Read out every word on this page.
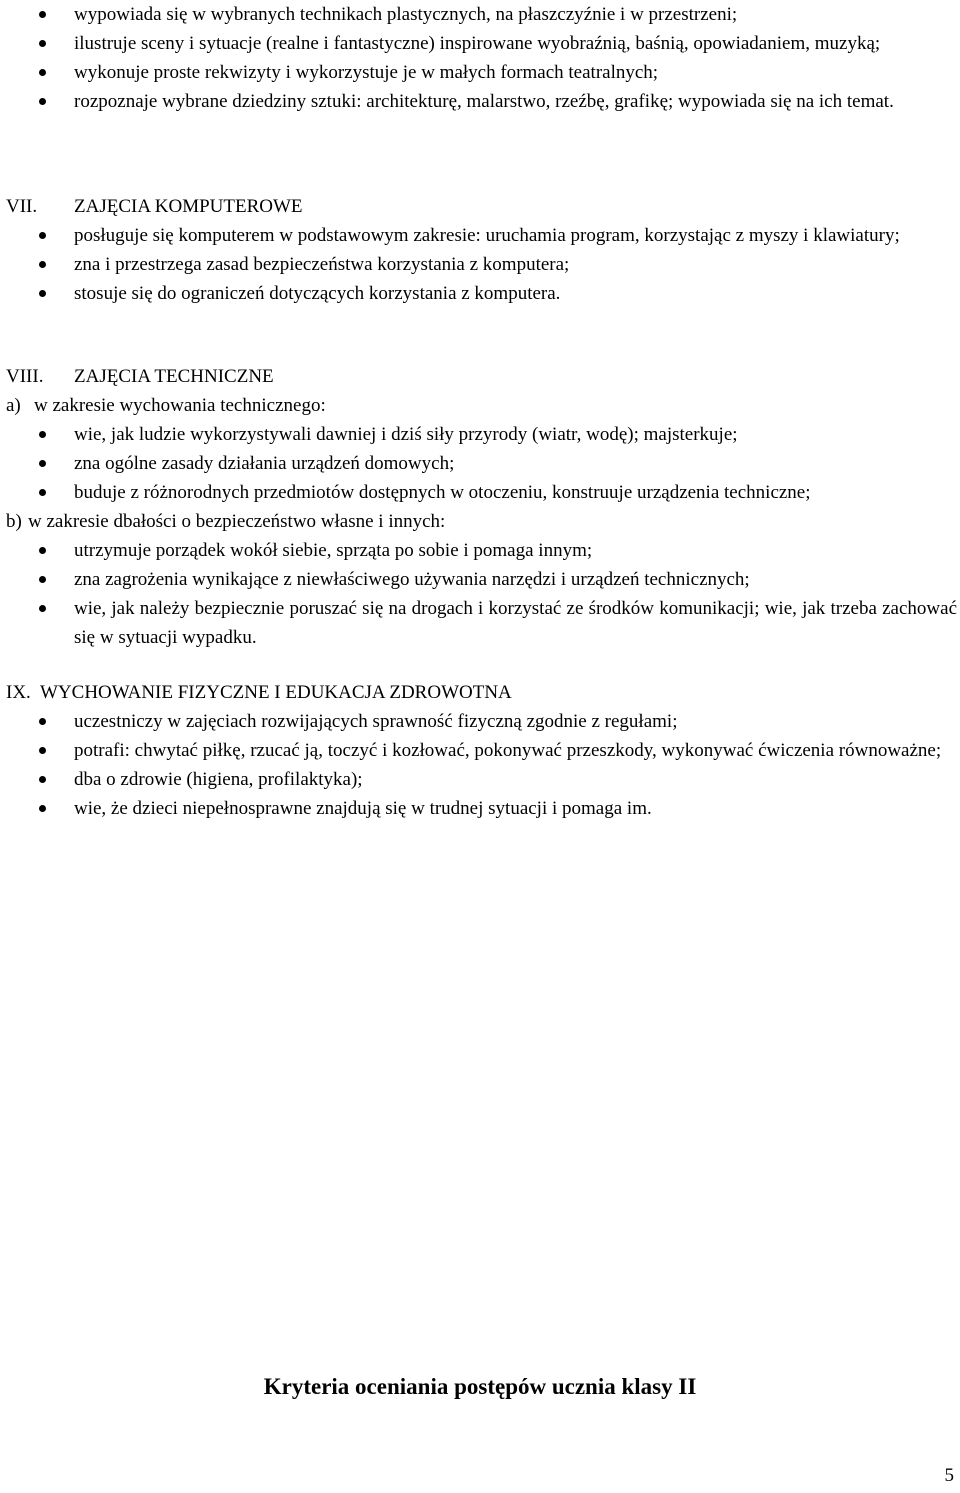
wypowiada się w wybranych technikach plastycznych, na płaszczyźnie i w przestrzeni;
ilustruje sceny i sytuacje (realne i fantastyczne) inspirowane wyobraźnią, baśnią, opowiadaniem, muzyką;
wykonuje proste rekwizyty i wykorzystuje je w małych formach teatralnych;
rozpoznaje wybrane dziedziny sztuki: architekturę, malarstwo, rzeźbę, grafikę; wypowiada się na ich temat.
VII. ZAJĘCIA KOMPUTEROWE
posługuje się komputerem w podstawowym zakresie: uruchamia program, korzystając z myszy i klawiatury;
zna i przestrzega zasad bezpieczeństwa korzystania z komputera;
stosuje się do ograniczeń dotyczących korzystania z komputera.
VIII. ZAJĘCIA TECHNICZNE
a) w zakresie wychowania technicznego:
wie, jak ludzie wykorzystywali dawniej i dziś siły przyrody (wiatr, wodę); majsterkuje;
zna ogólne zasady działania urządzeń domowych;
buduje z różnorodnych przedmiotów dostępnych w otoczeniu, konstruuje urządzenia techniczne;
b) w zakresie dbałości o bezpieczeństwo własne i innych:
utrzymuje porządek wokół siebie, sprząta po sobie i pomaga innym;
zna zagrożenia wynikające z niewłaściwego używania narzędzi i urządzeń technicznych;
wie, jak należy bezpiecznie poruszać się na drogach i korzystać ze środków komunikacji; wie, jak trzeba zachować się w sytuacji wypadku.
IX. WYCHOWANIE FIZYCZNE I EDUKACJA ZDROWOTNA
uczestniczy w zajęciach rozwijających sprawność fizyczną zgodnie z regułami;
potrafi: chwytać piłkę, rzucać ją, toczyć i kozłować, pokonywać przeszkody, wykonywać ćwiczenia równoważne;
dba o zdrowie (higiena, profilaktyka);
wie, że dzieci niepełnosprawne znajdują się w trudnej sytuacji i pomaga im.
Kryteria oceniania postępów ucznia klasy II
5
